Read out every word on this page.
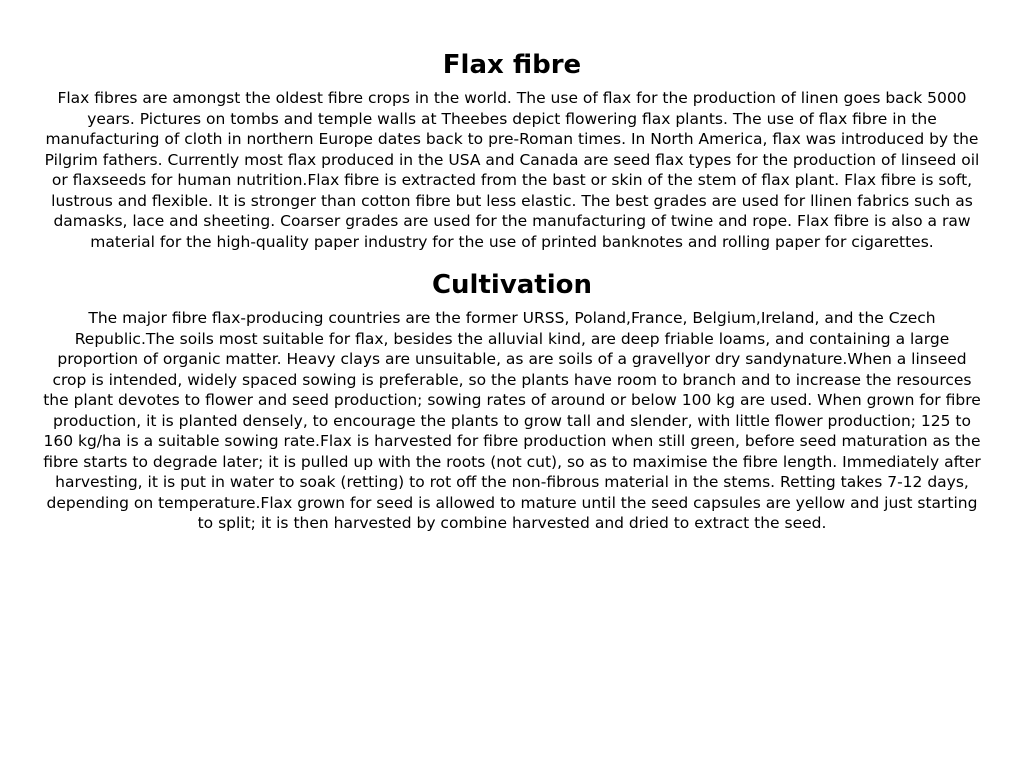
Flax fibre

Flax fibres are amongst the oldest fibre crops in the world. The use of flax for the production of linen goes back 5000 years. Pictures on tombs and temple walls at Theebes depict flowering flax plants. The use of flax fibre in the manufacturing of cloth in northern Europe dates back to pre-Roman times. In North America, flax was introduced by the Pilgrim fathers. Currently most flax produced in the USA and Canada are seed flax types for the production of linseed oil or flaxseeds for human nutrition.Flax fibre is extracted from the bast or skin of the stem of flax plant. Flax fibre is soft, lustrous and flexible. It is stronger than cotton fibre but less elastic. The best grades are used for llinen fabrics such as damasks, lace and sheeting. Coarser grades are used for the manufacturing of twine and rope. Flax fibre is also a raw material for the high-quality paper industry for the use of printed banknotes and rolling paper for cigarettes.

Cultivation

The major fibre flax-producing countries are the former URSS, Poland,France, Belgium,Ireland, and the Czech Republic.The soils most suitable for flax, besides the alluvial kind, are deep friable loams, and containing a large proportion of organic matter. Heavy clays are unsuitable, as are soils of a gravellyor dry sandynature.When a linseed crop is intended, widely spaced sowing is preferable, so the plants have room to branch and to increase the resources the plant devotes to flower and seed production; sowing rates of around or below 100 kg are used. When grown for fibre production, it is planted densely, to encourage the plants to grow tall and slender, with little flower production; 125 to 160 kg/ha is a suitable sowing rate.Flax is harvested for fibre production when still green, before seed maturation as the fibre starts to degrade later; it is pulled up with the roots (not cut), so as to maximise the fibre length. Immediately after harvesting, it is put in water to soak (retting) to rot off the non-fibrous material in the stems. Retting takes 7-12 days, depending on temperature.Flax grown for seed is allowed to mature until the seed capsules are yellow and just starting to split; it is then harvested by combine harvested and dried to extract the seed.
